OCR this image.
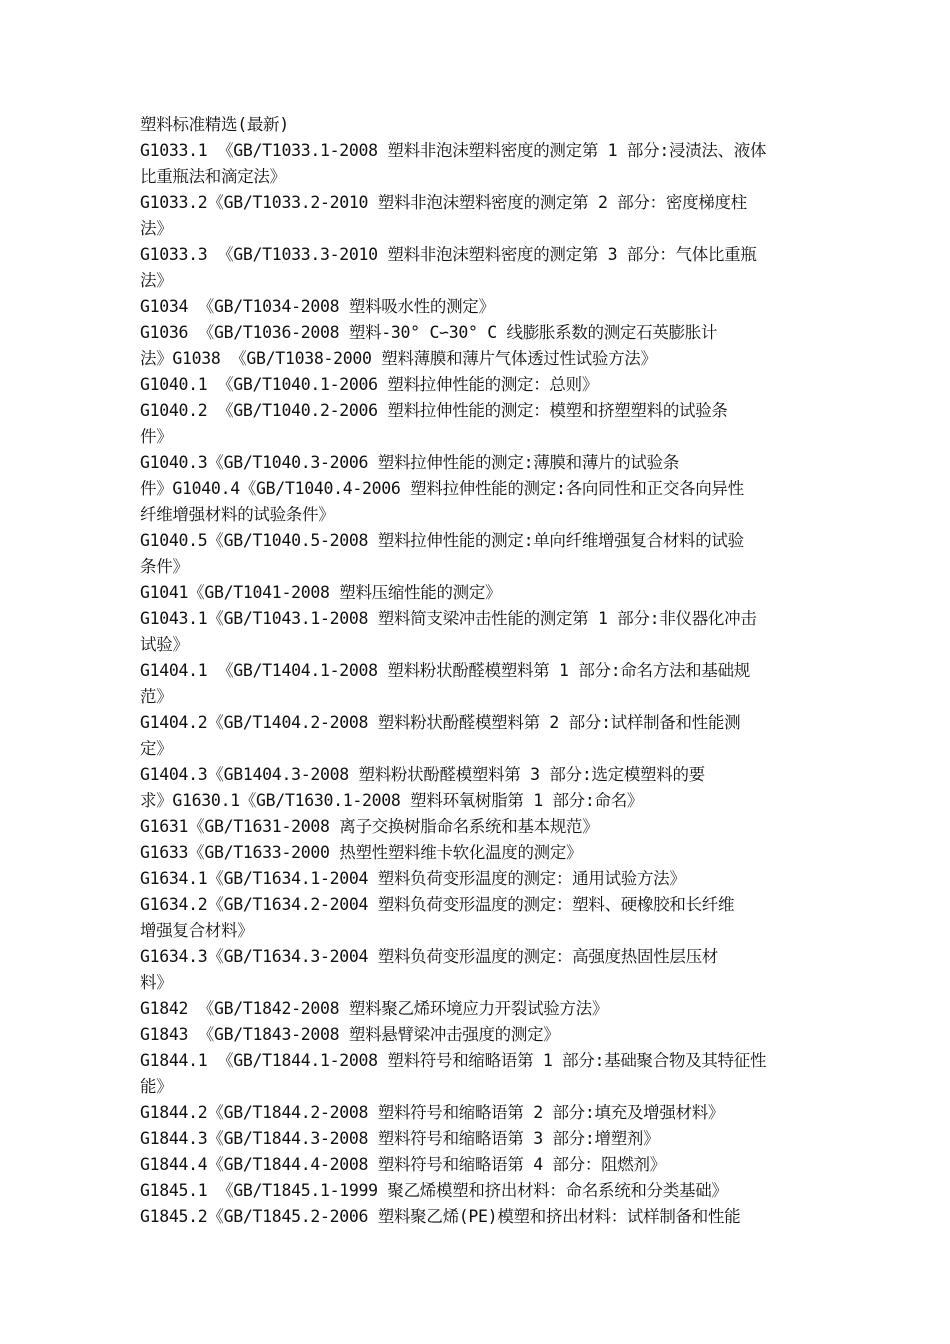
塑料标准精选(最新)

G1033.1 《GB/T1033.1-2008 塑料非泡沫塑料密度的测定第 1 部分:浸渍法、液体

比重瓶法和滴定法》

G1033.2《GB/T1033.2-2010 塑料非泡沫塑料密度的测定第 2 部分：密度梯度柱

法》

G1033.3 《GB/T1033.3-2010 塑料非泡沫塑料密度的测定第 3 部分：气体比重瓶

法》

G1034 《GB/T1034-2008 塑料吸水性的测定》

G1036 《GB/T1036-2008 塑料-30° C∽30° C 线膨胀系数的测定石英膨胀计

法》G1038 《GB/T1038-2000 塑料薄膜和薄片气体透过性试验方法》

G1040.1 《GB/T1040.1-2006 塑料拉伸性能的测定：总则》

G1040.2 《GB/T1040.2-2006 塑料拉伸性能的测定：模塑和挤塑塑料的试验条

件》

G1040.3《GB/T1040.3-2006 塑料拉伸性能的测定:薄膜和薄片的试验条

件》G1040.4《GB/T1040.4-2006 塑料拉伸性能的测定:各向同性和正交各向异性

纤维增强材料的试验条件》

G1040.5《GB/T1040.5-2008 塑料拉伸性能的测定:单向纤维增强复合材料的试验

条件》

G1041《GB/T1041-2008 塑料压缩性能的测定》

G1043.1《GB/T1043.1-2008 塑料简支梁冲击性能的测定第 1 部分:非仪器化冲击

试验》

G1404.1 《GB/T1404.1-2008 塑料粉状酚醛模塑料第 1 部分:命名方法和基础规

范》

G1404.2《GB/T1404.2-2008 塑料粉状酚醛模塑料第 2 部分:试样制备和性能测

定》

G1404.3《GB1404.3-2008 塑料粉状酚醛模塑料第 3 部分:选定模塑料的要

求》G1630.1《GB/T1630.1-2008 塑料环氧树脂第 1 部分:命名》

G1631《GB/T1631-2008 离子交换树脂命名系统和基本规范》

G1633《GB/T1633-2000 热塑性塑料维卡软化温度的测定》

G1634.1《GB/T1634.1-2004 塑料负荷变形温度的测定：通用试验方法》

G1634.2《GB/T1634.2-2004 塑料负荷变形温度的测定：塑料、硬橡胶和长纤维

增强复合材料》

G1634.3《GB/T1634.3-2004 塑料负荷变形温度的测定：高强度热固性层压材

料》

G1842 《GB/T1842-2008 塑料聚乙烯环境应力开裂试验方法》

G1843 《GB/T1843-2008 塑料悬臂梁冲击强度的测定》

G1844.1 《GB/T1844.1-2008 塑料符号和缩略语第 1 部分:基础聚合物及其特征性

能》

G1844.2《GB/T1844.2-2008 塑料符号和缩略语第 2 部分:填充及增强材料》

G1844.3《GB/T1844.3-2008 塑料符号和缩略语第 3 部分:增塑剂》

G1844.4《GB/T1844.4-2008 塑料符号和缩略语第 4 部分：阻燃剂》

G1845.1 《GB/T1845.1-1999 聚乙烯模塑和挤出材料：命名系统和分类基础》

G1845.2《GB/T1845.2-2006 塑料聚乙烯(PE)模塑和挤出材料：试样制备和性能
